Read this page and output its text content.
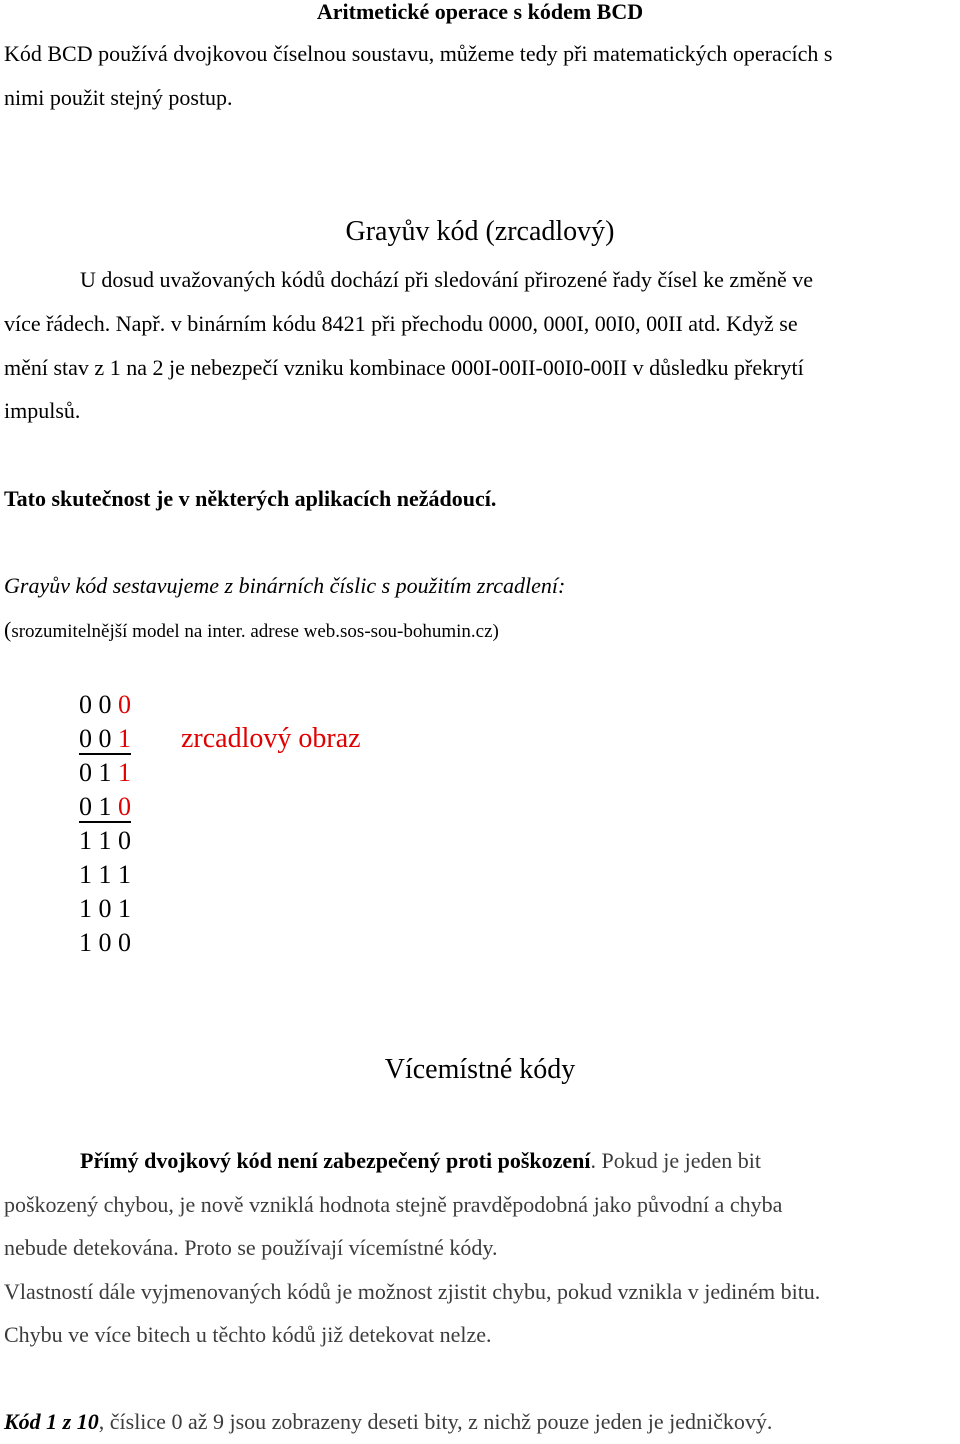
Aritmetické operace s kódem BCD
Kód BCD používá dvojkovou číselnou soustavu, můžeme tedy při matematických operacích s
nimi použit stejný postup.
Grayův kód (zrcadlový)
U dosud uvažovaných kódů dochází při sledování přirozené řady čísel ke změně ve
více řádech. Např. v binárním kódu 8421 při přechodu 0000, 000I, 00I0, 00II atd. Když se
mění stav z 1 na 2 je nebezpečí vzniku kombinace 000I-00II-00I0-00II v důsledku překrytí
impulsů.
Tato skutečnost je v některých aplikacích nežádoucí.
Grayův kód sestavujeme z binárních číslic s použitím zrcadlení:
(srozumitelnější model na inter. adrese web.sos-sou-bohumin.cz)
0 0 0
0 0 1
0 1 1
0 1 0
1 1 0
1 1 1
1 0 1
1 0 0
zrcadlový obraz
Vícemístné kódy
Přímý dvojkový kód není zabezpečený proti poškození. Pokud je jeden bit
poškozený chybou, je nově vzniklá hodnota stejně pravděpodobná jako původní a chyba
nebude detekována. Proto se používají vícemístné kódy.
Vlastností dále vyjmenovaných kódů je možnost zjistit chybu, pokud vznikla v jediném bitu.
Chybu ve více bitech u těchto kódů již detekovat nelze.
Kód 1 z 10, číslice 0 až 9 jsou zobrazeny deseti bity, z nichž pouze jeden je jedničkový.
